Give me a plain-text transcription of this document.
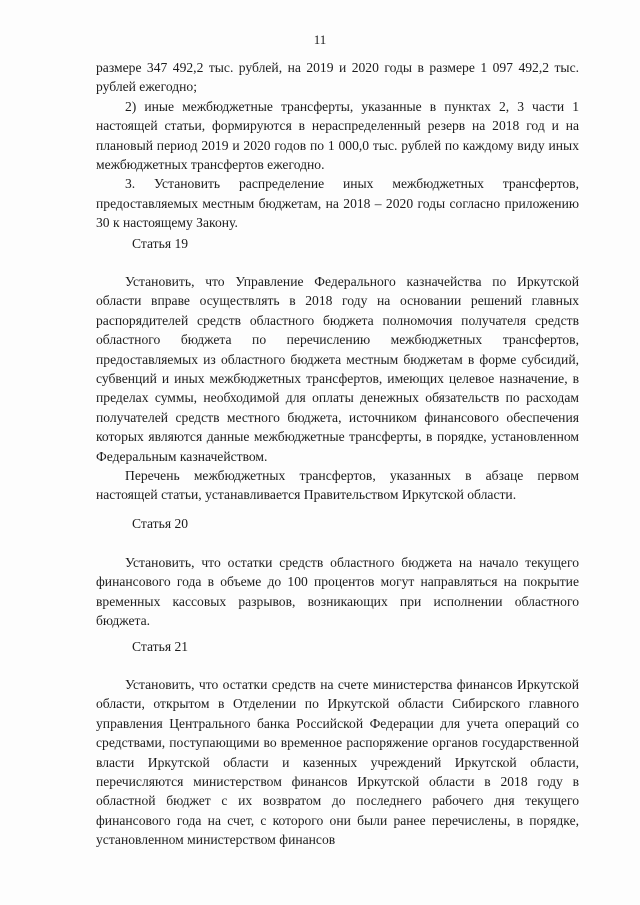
11

размере 347 492,2 тыс. рублей, на 2019 и 2020 годы в размере 1 097 492,2 тыс. рублей ежегодно;

2) иные межбюджетные трансферты, указанные в пунктах 2, 3 части 1 настоящей статьи, формируются в нераспределенный резерв на 2018 год и на плановый период 2019 и 2020 годов по 1 000,0 тыс. рублей по каждому виду иных межбюджетных трансфертов ежегодно.

3. Установить распределение иных межбюджетных трансфертов, предоставляемых местным бюджетам, на 2018 – 2020 годы согласно приложению 30 к настоящему Закону.

Статья 19

Установить, что Управление Федерального казначейства по Иркутской области вправе осуществлять в 2018 году на основании решений главных распорядителей средств областного бюджета полномочия получателя средств областного бюджета по перечислению межбюджетных трансфертов, предоставляемых из областного бюджета местным бюджетам в форме субсидий, субвенций и иных межбюджетных трансфертов, имеющих целевое назначение, в пределах суммы, необходимой для оплаты денежных обязательств по расходам получателей средств местного бюджета, источником финансового обеспечения которых являются данные межбюджетные трансферты, в порядке, установленном Федеральным казначейством.

Перечень межбюджетных трансфертов, указанных в абзаце первом настоящей статьи, устанавливается Правительством Иркутской области.

Статья 20

Установить, что остатки средств областного бюджета на начало текущего финансового года в объеме до 100 процентов могут направляться на покрытие временных кассовых разрывов, возникающих при исполнении областного бюджета.

Статья 21

Установить, что остатки средств на счете министерства финансов Иркутской области, открытом в Отделении по Иркутской области Сибирского главного управления Центрального банка Российской Федерации для учета операций со средствами, поступающими во временное распоряжение органов государственной власти Иркутской области и казенных учреждений Иркутской области, перечисляются министерством финансов Иркутской области в 2018 году в областной бюджет с их возвратом до последнего рабочего дня текущего финансового года на счет, с которого они были ранее перечислены, в порядке, установленном министерством финансов
